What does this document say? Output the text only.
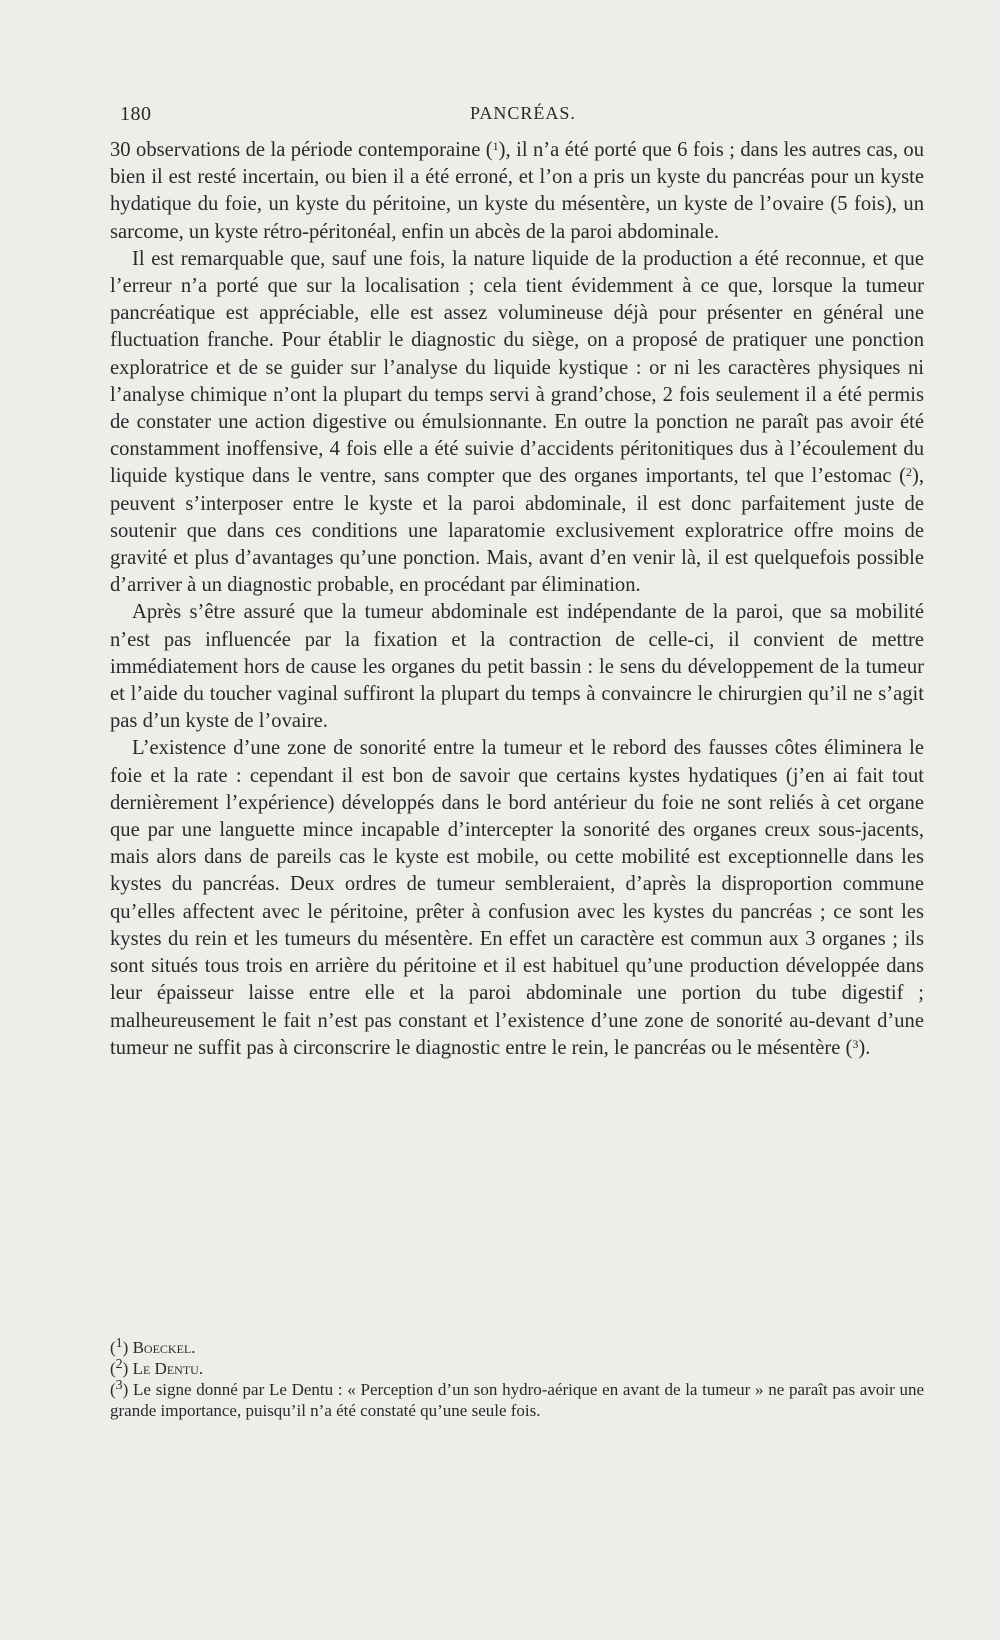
180	PANCRÉAS.

30 observations de la période contemporaine ($^1$), il n’a été porté que 6 fois ; dans les autres cas, ou bien il est resté incertain, ou bien il a été erroné, et l’on a pris un kyste du pancréas pour un kyste hydatique du foie, un kyste du péritoine, un kyste du mésentère, un kyste de l’ovaire (5 fois), un sarcome, un kyste rétro-péritonéal, enfin un abcès de la paroi abdominale.

Il est remarquable que, sauf une fois, la nature liquide de la production a été reconnue, et que l’erreur n’a porté que sur la localisation ; cela tient évidemment à ce que, lorsque la tumeur pancréatique est appréciable, elle est assez volumineuse déjà pour présenter en général une fluctuation franche. Pour établir le diagnostic du siège, on a proposé de pratiquer une ponction exploratrice et de se guider sur l’analyse du liquide kystique : or ni les caractères physiques ni l’analyse chimique n’ont la plupart du temps servi à grand’chose, 2 fois seulement il a été permis de constater une action digestive ou émulsionnante. En outre la ponction ne paraît pas avoir été constamment inoffensive, 4 fois elle a été suivie d’accidents péritonitiques dus à l’écoulement du liquide kystique dans le ventre, sans compter que des organes importants, tel que l’estomac ($^2$), peuvent s’interposer entre le kyste et la paroi abdominale, il est donc parfaitement juste de soutenir que dans ces conditions une laparatomie exclusivement exploratrice offre moins de gravité et plus d’avantages qu’une ponction. Mais, avant d’en venir là, il est quelquefois possible d’arriver à un diagnostic probable, en procédant par élimination.

Après s’être assuré que la tumeur abdominale est indépendante de la paroi, que sa mobilité n’est pas influencée par la fixation et la contraction de celle-ci, il convient de mettre immédiatement hors de cause les organes du petit bassin : le sens du développement de la tumeur et l’aide du toucher vaginal suffiront la plupart du temps à convaincre le chirurgien qu’il ne s’agit pas d’un kyste de l’ovaire.

L’existence d’une zone de sonorité entre la tumeur et le rebord des fausses côtes éliminera le foie et la rate : cependant il est bon de savoir que certains kystes hydatiques (j’en ai fait tout dernièrement l’expérience) développés dans le bord antérieur du foie ne sont reliés à cet organe que par une languette mince incapable d’intercepter la sonorité des organes creux sous-jacents, mais alors dans de pareils cas le kyste est mobile, ou cette mobilité est exceptionnelle dans les kystes du pancréas. Deux ordres de tumeur sembleraient, d’après la disproportion commune qu’elles affectent avec le péritoine, prêter à confusion avec les kystes du pancréas ; ce sont les kystes du rein et les tumeurs du mésentère. En effet un caractère est commun aux 3 organes ; ils sont situés tous trois en arrière du péritoine et il est habituel qu’une production développée dans leur épaisseur laisse entre elle et la paroi abdominale une portion du tube digestif ; malheureusement le fait n’est pas constant et l’existence d’une zone de sonorité au-devant d’une tumeur ne suffit pas à circonscrire le diagnostic entre le rein, le pancréas ou le mésentère ($^3$).

($^1$) Boeckel.

($^2$) Le Dentu.

($^3$) Le signe donné par Le Dentu : « Perception d’un son hydro-aérique en avant de la tumeur » ne paraît pas avoir une grande importance, puisqu’il n’a été constaté qu’une seule fois.
